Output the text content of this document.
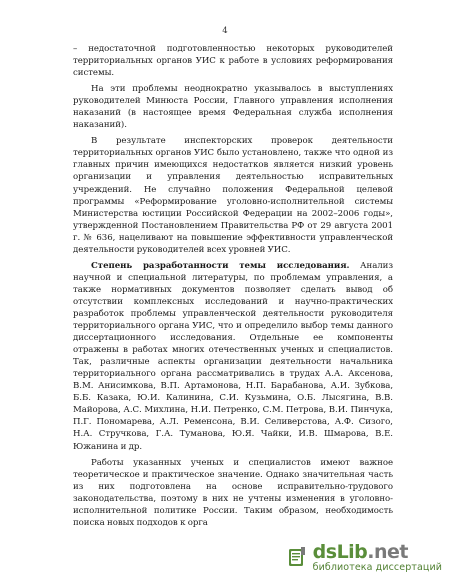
4

– недостаточной подготовленностью некоторых руководителей территориальных органов УИС к работе в условиях реформирования системы.

На эти проблемы неоднократно указывалось в выступлениях руководителей Минюста России, Главного управления исполнения наказаний (в настоящее время Федеральная служба исполнения наказаний).

В результате инспекторских проверок деятельности территориальных органов УИС было установлено, также что одной из главных причин имеющихся недостатков является низкий уровень организации и управления деятельностью исправительных учреждений. Не случайно положения Федеральной целевой программы «Реформирование уголовно-исполнительной системы Министерства юстиции Российской Федерации на 2002–2006 годы», утвержденной Постановлением Правительства РФ от 29 августа 2001 г. № 636, нацеливают на повышение эффективности управленческой деятельности руководителей всех уровней УИС.

Степень разработанности темы исследования. Анализ научной и специальной литературы, по проблемам управления, а также нормативных документов позволяет сделать вывод об отсутствии комплексных исследований и научно-практических разработок проблемы управленческой деятельности руководителя территориального органа УИС, что и определило выбор темы данного диссертационного исследования. Отдельные ее компоненты отражены в работах многих отечественных ученых и специалистов. Так, различные аспекты организации деятельности начальника территориального органа рассматривались в трудах А.А. Аксенова, В.М. Анисимкова, В.П. Артамонова, Н.П. Барабанова, А.И. Зубкова, Б.Б. Казака, Ю.И. Калинина, С.И. Кузьмина, О.Б. Лысягина, В.В. Майорова, А.С. Михлина, Н.И. Петренко, С.М. Петрова, В.И. Пинчука, П.Г. Пономарева, А.Л. Ременсона, В.И. Селиверстова, А.Ф. Сизого, Н.А. Стручкова, Г.А. Туманова, Ю.Я. Чайки, И.В. Шмарова, В.Е. Южанина и др.

Работы указанных ученых и специалистов имеют важное теоретическое и практическое значение. Однако значительная часть из них подготовлена на основе исправительно-трудового законодательства, поэтому в них не учтены изменения в уголовно-исполнительной политике России. Таким образом, необходимость поиска новых подходов к орга

dsLib.net
библиотека диссертаций
